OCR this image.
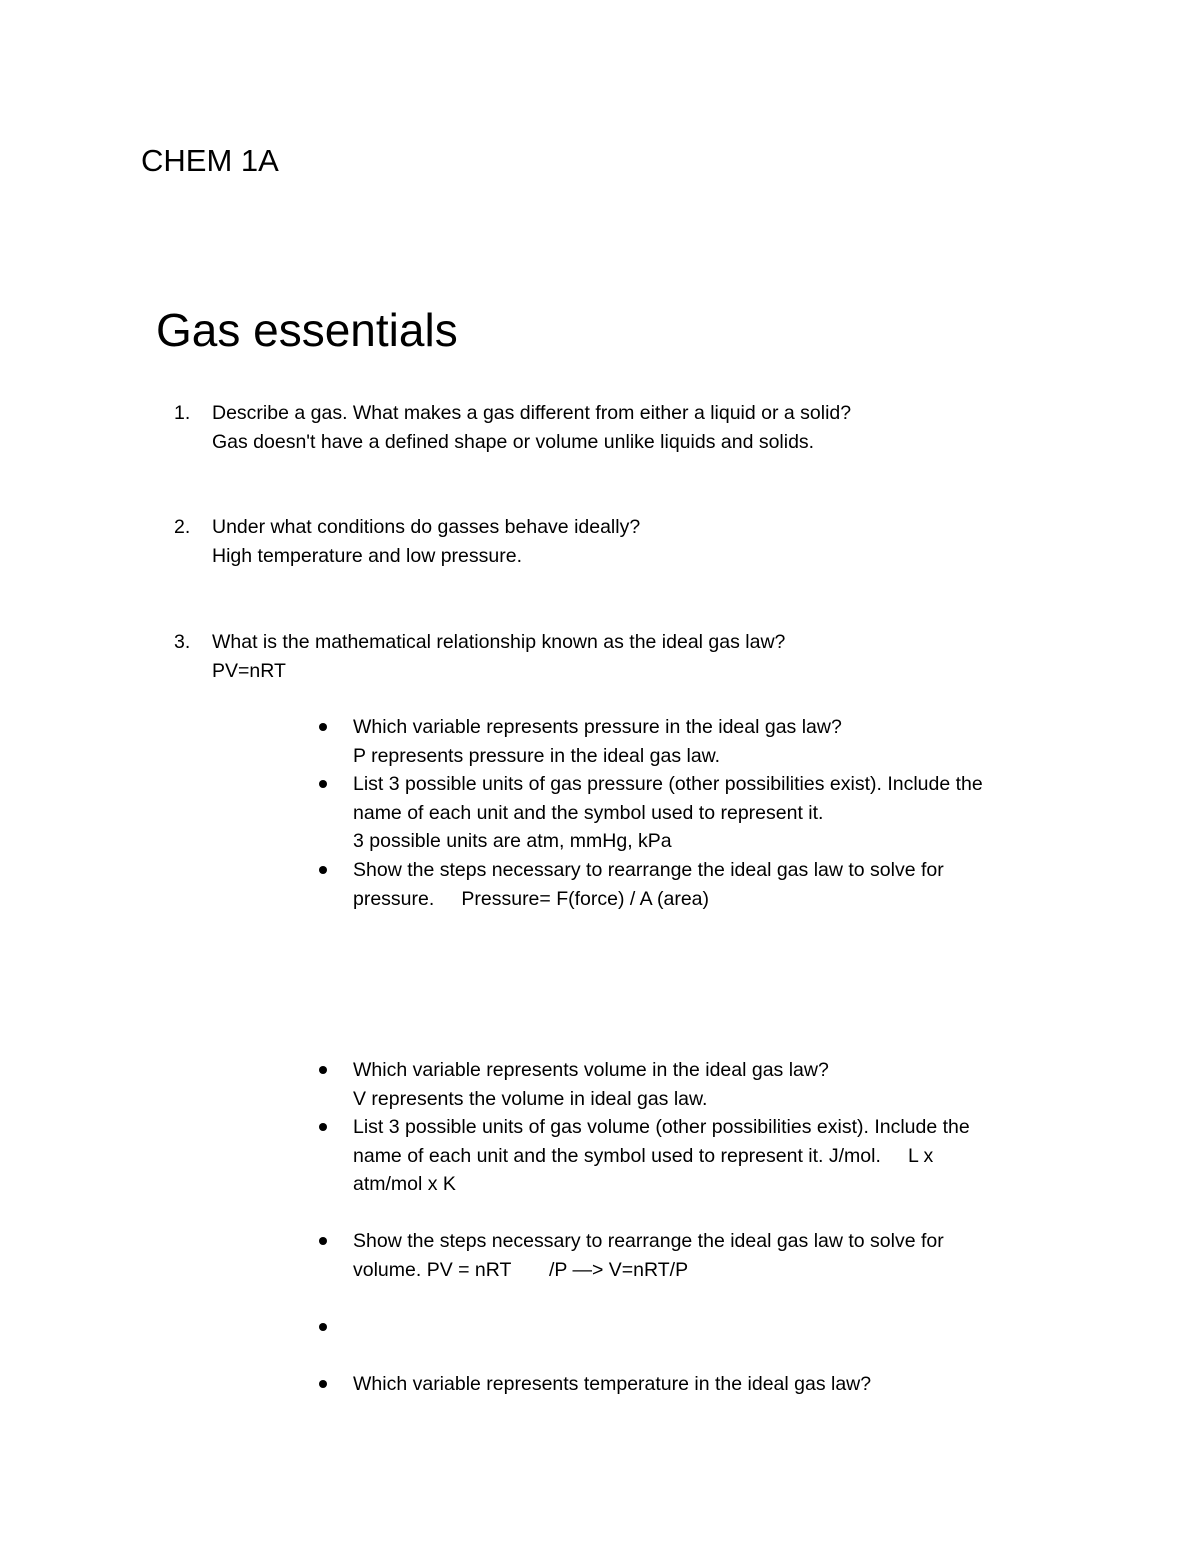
CHEM 1A
Gas essentials
1.	Describe a gas. What makes a gas different from either a liquid or a solid?

Gas doesn't have a defined shape or volume unlike liquids and solids.

2.	Under what conditions do gasses behave ideally?

High temperature and low pressure.

3.	What is the mathematical relationship known as the ideal gas law?

PV=nRT

Which variable represents pressure in the ideal gas law?

P represents pressure in the ideal gas law.

List 3 possible units of gas pressure (other possibilities exist). Include the

name of each unit and the symbol used to represent it.

3 possible units are atm, mmHg, kPa

Show the steps necessary to rearrange the ideal gas law to solve for

pressure.     Pressure= F(force) / A (area)

Which variable represents volume in the ideal gas law?

V represents the volume in ideal gas law.

List 3 possible units of gas volume (other possibilities exist). Include the

name of each unit and the symbol used to represent it. J/mol.     L x

atm/mol x K

Show the steps necessary to rearrange the ideal gas law to solve for

volume. PV = nRT       /P —> V=nRT/P

Which variable represents temperature in the ideal gas law?
